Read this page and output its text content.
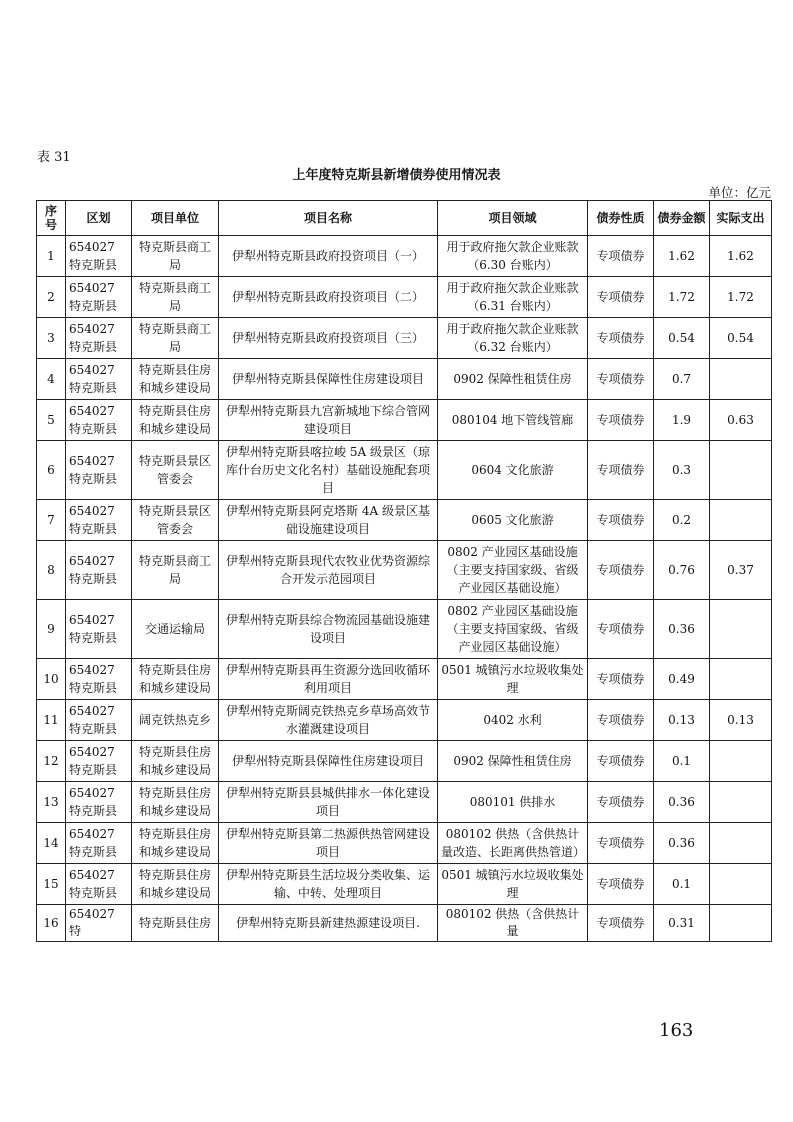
表 31
上年度特克斯县新增债券使用情况表
单位：亿元
序号	区划	项目单位	项目名称	项目领域	债券性质	债券金额	实际支出
1	654027 特克斯县	特克斯县商工局	伊犁州特克斯县政府投资项目（一）	用于政府拖欠款企业账款（6.30 台账内）	专项债券	1.62	1.62
2	654027 特克斯县	特克斯县商工局	伊犁州特克斯县政府投资项目（二）	用于政府拖欠款企业账款（6.31 台账内）	专项债券	1.72	1.72
3	654027 特克斯县	特克斯县商工局	伊犁州特克斯县政府投资项目（三）	用于政府拖欠款企业账款（6.32 台账内）	专项债券	0.54	0.54
4	654027 特克斯县	特克斯县住房和城乡建设局	伊犁州特克斯县保障性住房建设项目	0902 保障性租赁住房	专项债券	0.7	
5	654027 特克斯县	特克斯县住房和城乡建设局	伊犁州特克斯县九宫新城地下综合管网建设项目	080104 地下管线管廊	专项债券	1.9	0.63
6	654027 特克斯县	特克斯县景区管委会	伊犁州特克斯县喀拉峻 5A 级景区（琼库什台历史文化名村）基础设施配套项目	0604 文化旅游	专项债券	0.3	
7	654027 特克斯县	特克斯县景区管委会	伊犁州特克斯县阿克塔斯 4A 级景区基础设施建设项目	0605 文化旅游	专项债券	0.2	
8	654027 特克斯县	特克斯县商工局	伊犁州特克斯县现代农牧业优势资源综合开发示范园项目	0802 产业园区基础设施（主要支持国家级、省级产业园区基础设施）	专项债券	0.76	0.37
9	654027 特克斯县	交通运输局	伊犁州特克斯县综合物流园基础设施建设项目	0802 产业园区基础设施（主要支持国家级、省级产业园区基础设施）	专项债券	0.36	
10	654027 特克斯县	特克斯县住房和城乡建设局	伊犁州特克斯县再生资源分选回收循环利用项目	0501 城镇污水垃圾收集处理	专项债券	0.49	
11	654027 特克斯县	阔克铁热克乡	伊犁州特克斯阔克铁热克乡草场高效节水灌溉建设项目	0402 水利	专项债券	0.13	0.13
12	654027 特克斯县	特克斯县住房和城乡建设局	伊犁州特克斯县保障性住房建设项目	0902 保障性租赁住房	专项债券	0.1	
13	654027 特克斯县	特克斯县住房和城乡建设局	伊犁州特克斯县县城供排水一体化建设项目	080101 供排水	专项债券	0.36	
14	654027 特克斯县	特克斯县住房和城乡建设局	伊犁州特克斯县第二热源供热管网建设项目	080102 供热（含供热计量改造、长距离供热管道）	专项债券	0.36	
15	654027 特克斯县	特克斯县住房和城乡建设局	伊犁州特克斯县生活垃圾分类收集、运输、中转、处理项目	0501 城镇污水垃圾收集处理	专项债券	0.1	
16	654027 特	特克斯县住房	伊犁州特克斯县新建热源建设项目.	080102 供热（含供热计量	专项债券	0.31	
163
